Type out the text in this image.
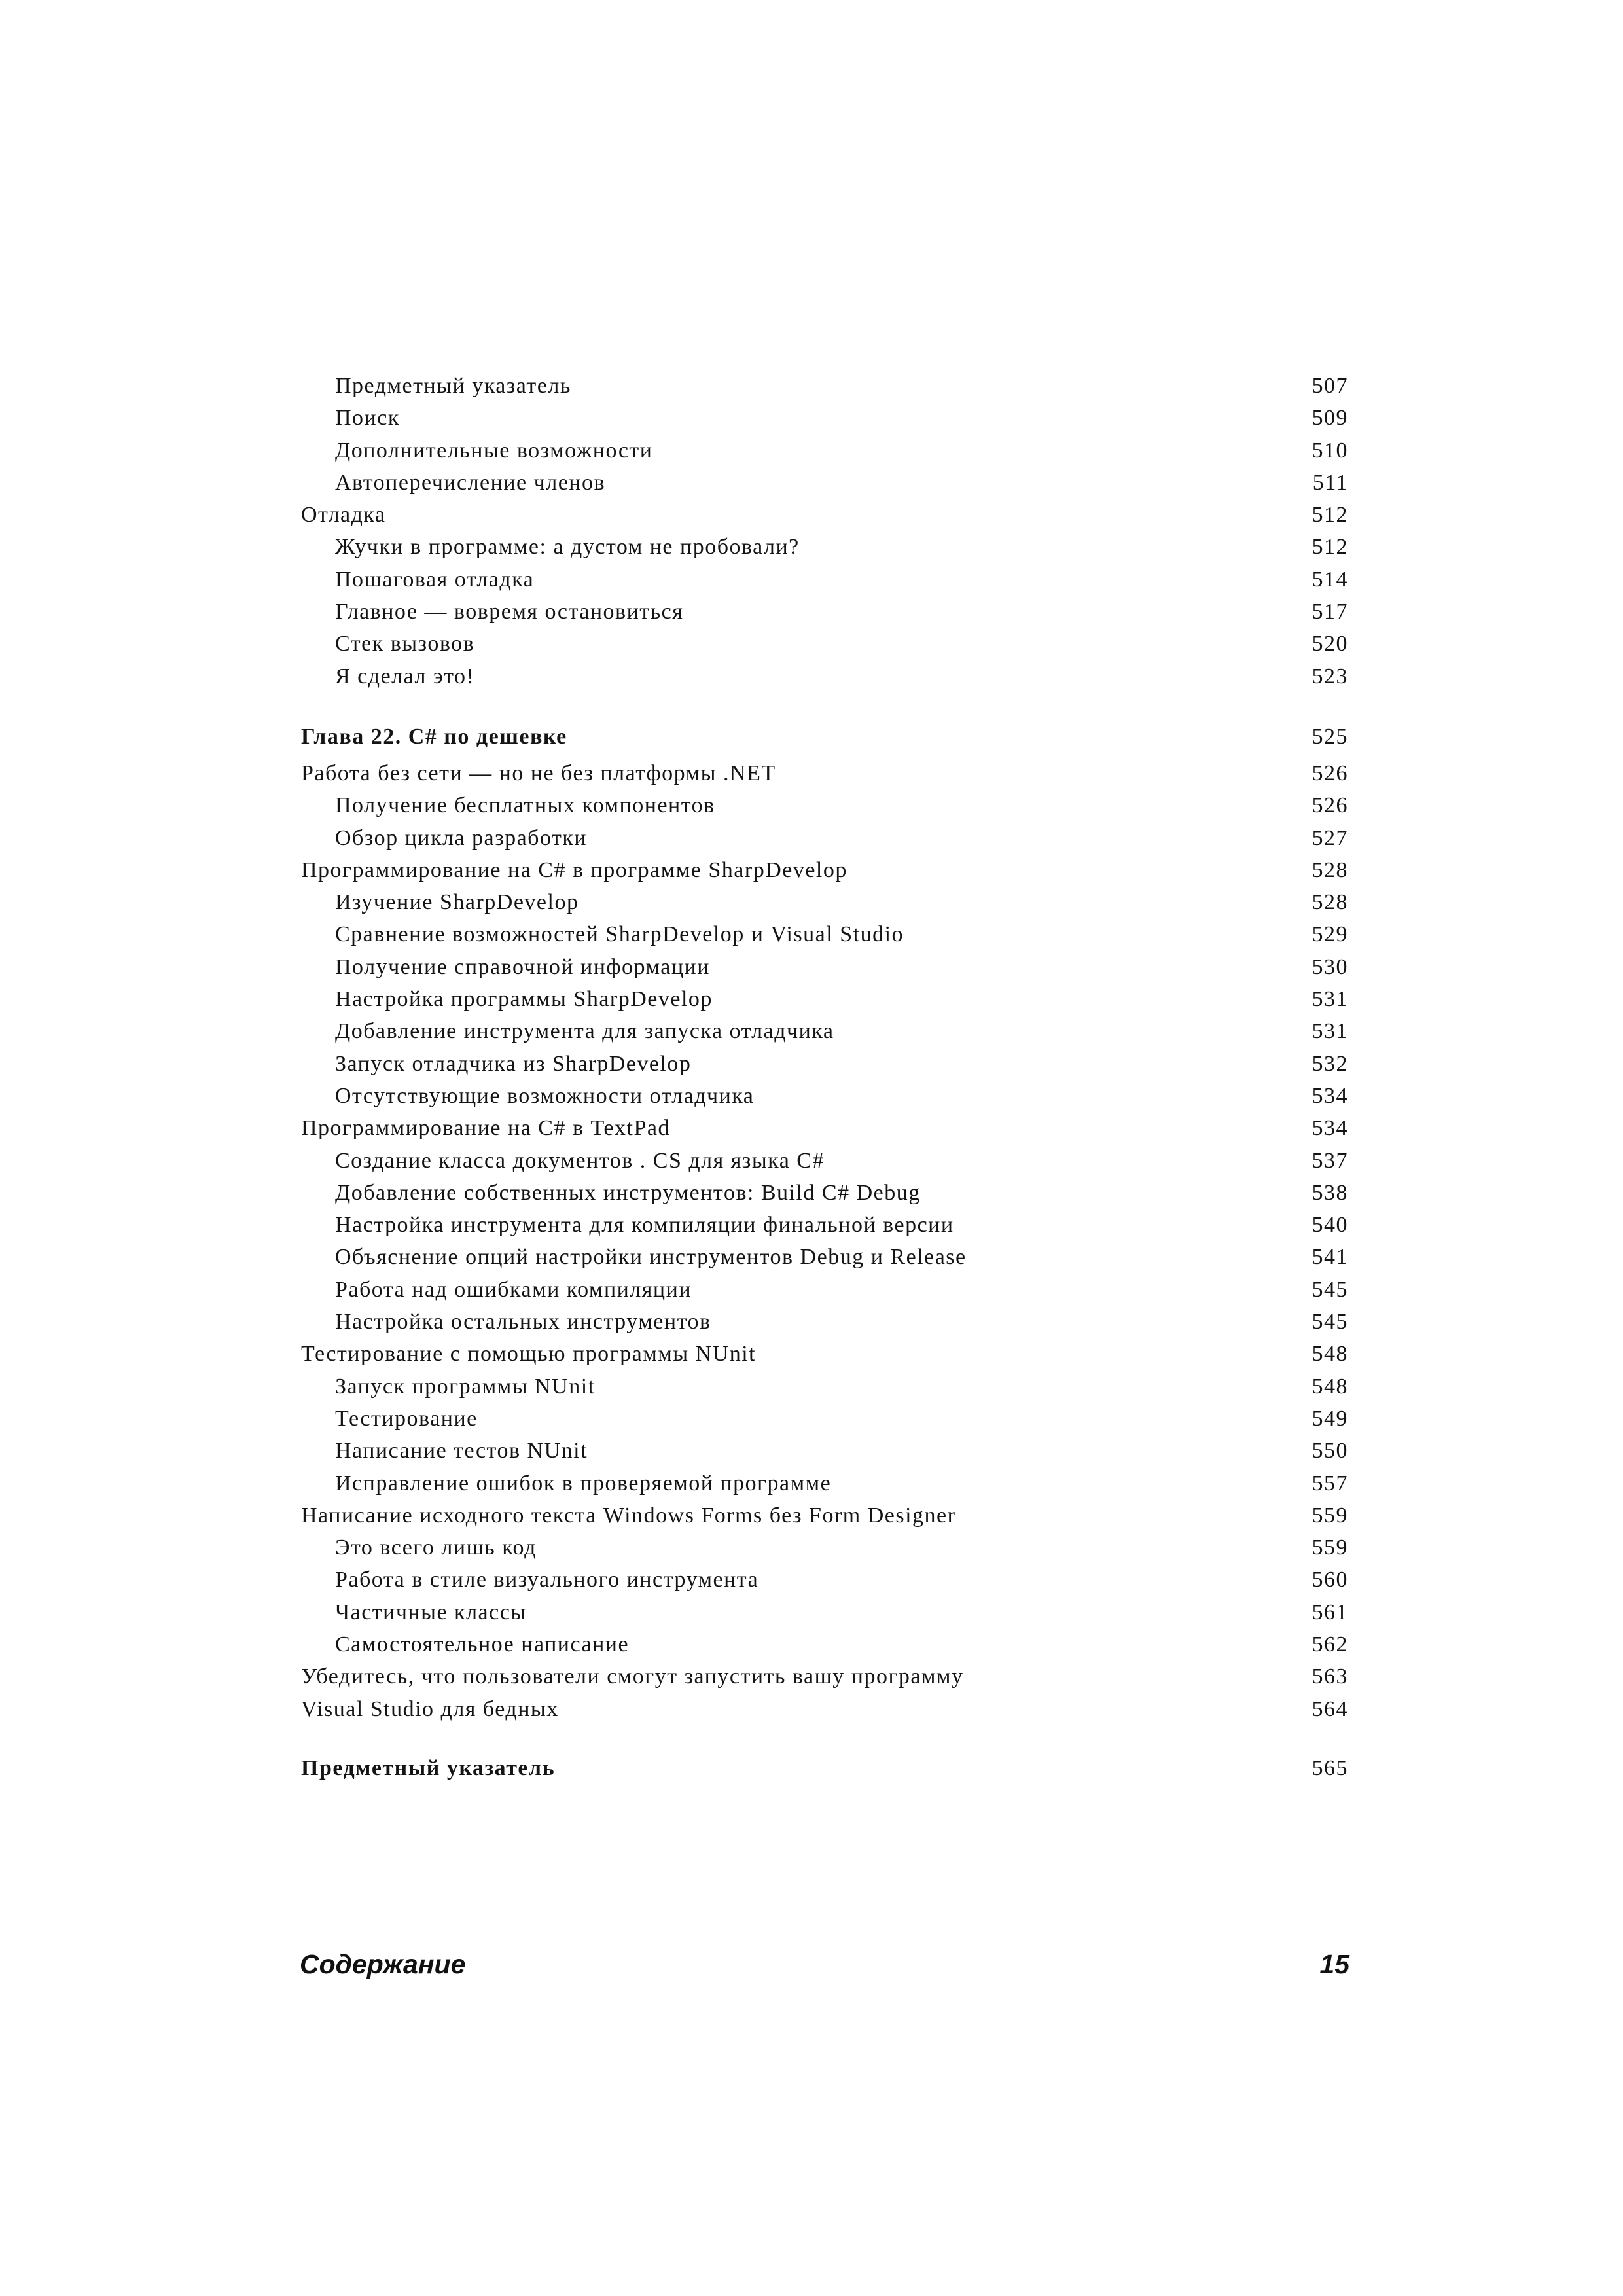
Предметный указатель	507
Поиск	509
Дополнительные возможности	510
Автоперечисление членов	511
Отладка	512
Жучки в программе: а дустом не пробовали?	512
Пошаговая отладка	514
Главное — вовремя остановиться	517
Стек вызовов	520
Я сделал это!	523
Глава 22. C# по дешевке	525
Работа без сети — но не без платформы .NET	526
Получение бесплатных компонентов	526
Обзор цикла разработки	527
Программирование на C# в программе SharpDevelop	528
Изучение SharpDevelop	528
Сравнение возможностей SharpDevelop и Visual Studio	529
Получение справочной информации	530
Настройка программы SharpDevelop	531
Добавление инструмента для запуска отладчика	531
Запуск отладчика из SharpDevelop	532
Отсутствующие возможности отладчика	534
Программирование на C# в TextPad	534
Создание класса документов . CS для языка C#	537
Добавление собственных инструментов: Build C# Debug	538
Настройка инструмента для компиляции финальной версии	540
Объяснение опций настройки инструментов Debug и Release	541
Работа над ошибками компиляции	545
Настройка остальных инструментов	545
Тестирование с помощью программы NUnit	548
Запуск программы NUnit	548
Тестирование	549
Написание тестов NUnit	550
Исправление ошибок в проверяемой программе	557
Написание исходного текста Windows Forms без Form Designer	559
Это всего лишь код	559
Работа в стиле визуального инструмента	560
Частичные классы	561
Самостоятельное написание	562
Убедитесь, что пользователи смогут запустить вашу программу	563
Visual Studio для бедных	564
Предметный указатель	565
Содержание	15
